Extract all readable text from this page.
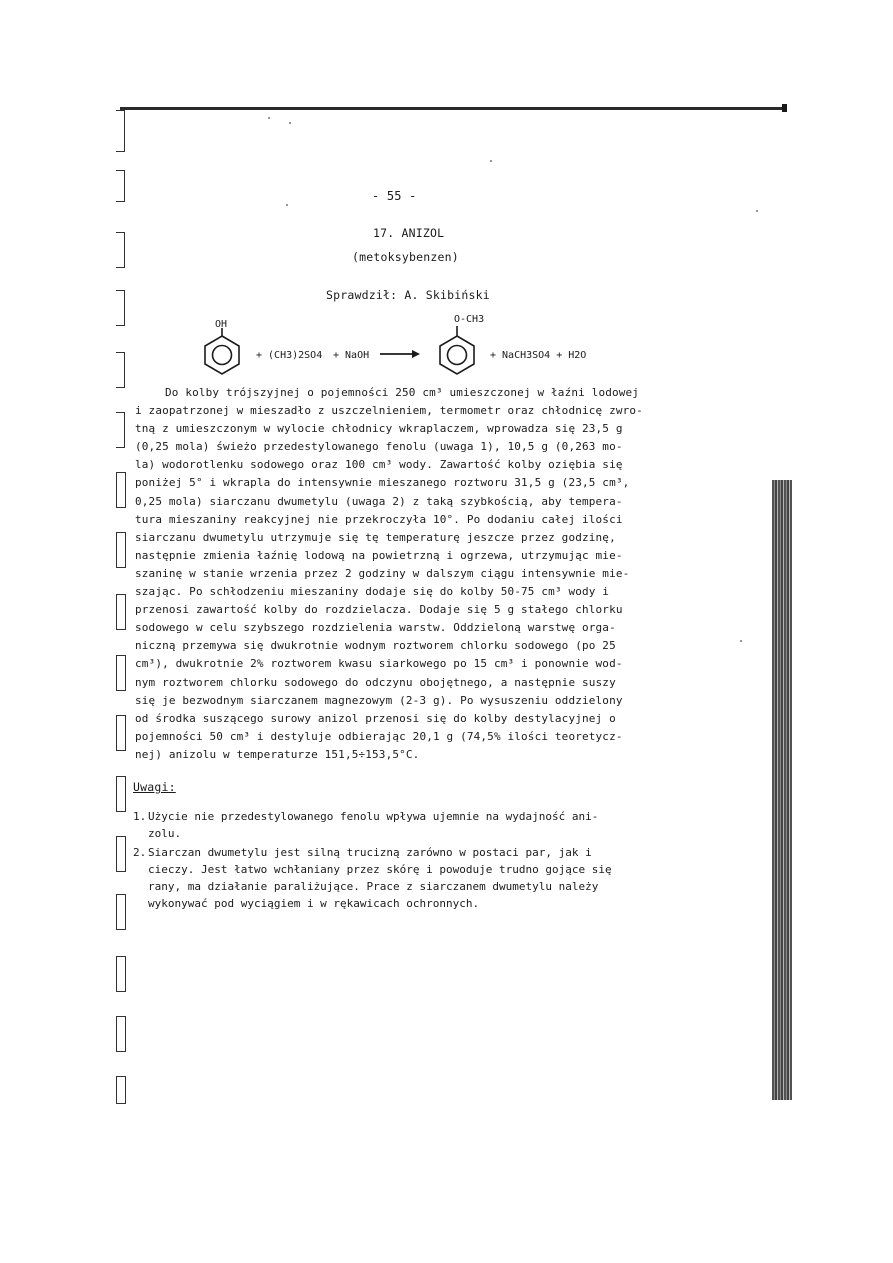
- 55 -
17. ANIZOL
(metoksybenzen)
Sprawdził: A. Skibiński
OH
+ (CH3)2SO4 + NaOH
O-CH3
+ NaCH3SO4 + H2O
Do kolby trójszyjnej o pojemności 250 cm³ umieszczonej w łaźni lodowej
i zaopatrzonej w mieszadło z uszczelnieniem, termometr oraz chłodnicę zwro-
tną z umieszczonym w wylocie chłodnicy wkraplaczem, wprowadza się 23,5 g
(0,25 mola) świeżo przedestylowanego fenolu (uwaga 1), 10,5 g (0,263 mo-
la) wodorotlenku sodowego oraz 100 cm³ wody. Zawartość kolby oziębia się
poniżej 5° i wkrapla do intensywnie mieszanego roztworu 31,5 g (23,5 cm³,
0,25 mola) siarczanu dwumetylu (uwaga 2) z taką szybkością, aby tempera-
tura mieszaniny reakcyjnej nie przekroczyła 10°. Po dodaniu całej ilości
siarczanu dwumetylu utrzymuje się tę temperaturę jeszcze przez godzinę,
następnie zmienia łaźnię lodową na powietrzną i ogrzewa, utrzymując mie-
szaninę w stanie wrzenia przez 2 godziny w dalszym ciągu intensywnie mie-
szając. Po schłodzeniu mieszaniny dodaje się do kolby 50-75 cm³ wody i
przenosi zawartość kolby do rozdzielacza. Dodaje się 5 g stałego chlorku
sodowego w celu szybszego rozdzielenia warstw. Oddzieloną warstwę orga-
niczną przemywa się dwukrotnie wodnym roztworem chlorku sodowego (po 25
cm³), dwukrotnie 2% roztworem kwasu siarkowego po 15 cm³ i ponownie wod-
nym roztworem chlorku sodowego do odczynu obojętnego, a następnie suszy
się je bezwodnym siarczanem magnezowym (2-3 g). Po wysuszeniu oddzielony
od środka suszącego surowy anizol przenosi się do kolby destylacyjnej o
pojemności 50 cm³ i destyluje odbierając 20,1 g (74,5% ilości teoretycz-
nej) anizolu w temperaturze 151,5÷153,5°C.
Uwagi:
1. Użycie nie przedestylowanego fenolu wpływa ujemnie na wydajność ani-
zolu.
2. Siarczan dwumetylu jest silną trucizną zarówno w postaci par, jak i
cieczy. Jest łatwo wchłaniany przez skórę i powoduje trudno gojące się
rany, ma działanie paraliżujące. Prace z siarczanem dwumetylu należy
wykonywać pod wyciągiem i w rękawicach ochronnych.
